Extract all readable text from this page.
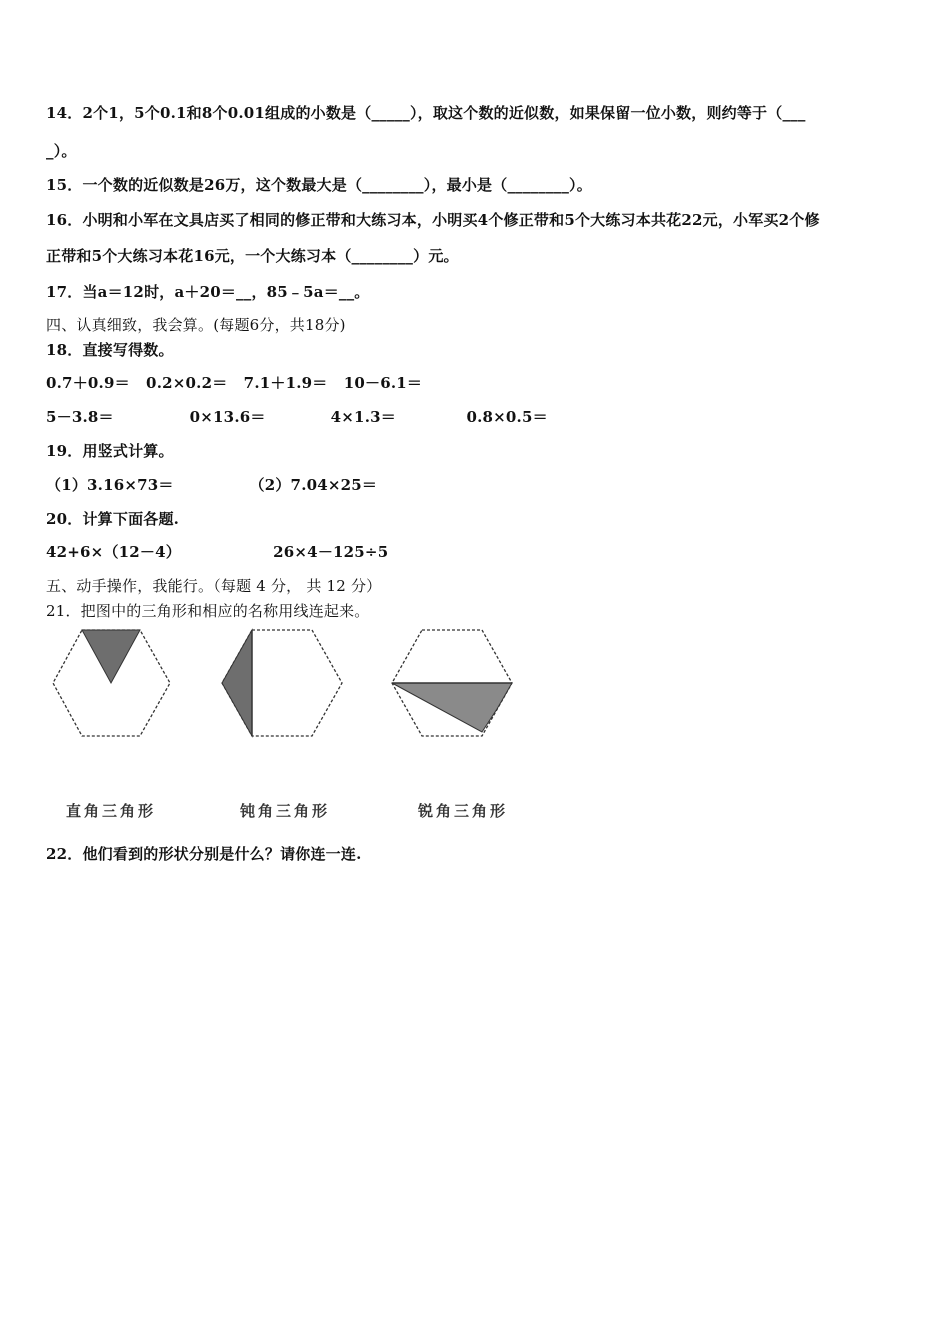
14．2个1，5个0.1和8个0.01组成的小数是（_____），取这个数的近似数，如果保留一位小数，则约等于（___
_）。
15．一个数的近似数是26万，这个数最大是（________），最小是（________）。
16．小明和小军在文具店买了相同的修正带和大练习本，小明买4个修正带和5个大练习本共花22元，小军买2个修
正带和5个大练习本花16元，一个大练习本（________）元。
17．当a＝12时，a＋20＝__，85﹣5a＝__。
四、认真细致，我会算。(每题6分，共18分)
18．直接写得数。
0.7＋0.9＝   0.2×0.2＝   7.1＋1.9＝   10－6.1＝
5－3.8＝              0×13.6＝            4×1.3＝             0.8×0.5＝
19．用竖式计算。
（1）3.16×73＝              （2）7.04×25＝
20．计算下面各题.
42+6×（12－4）                 26×4－125÷5
五、动手操作，我能行。（每题 4 分， 共 12 分）
21．把图中的三角形和相应的名称用线连起来。
直角三角形	钝角三角形	锐角三角形
22．他们看到的形状分别是什么？请你连一连.
